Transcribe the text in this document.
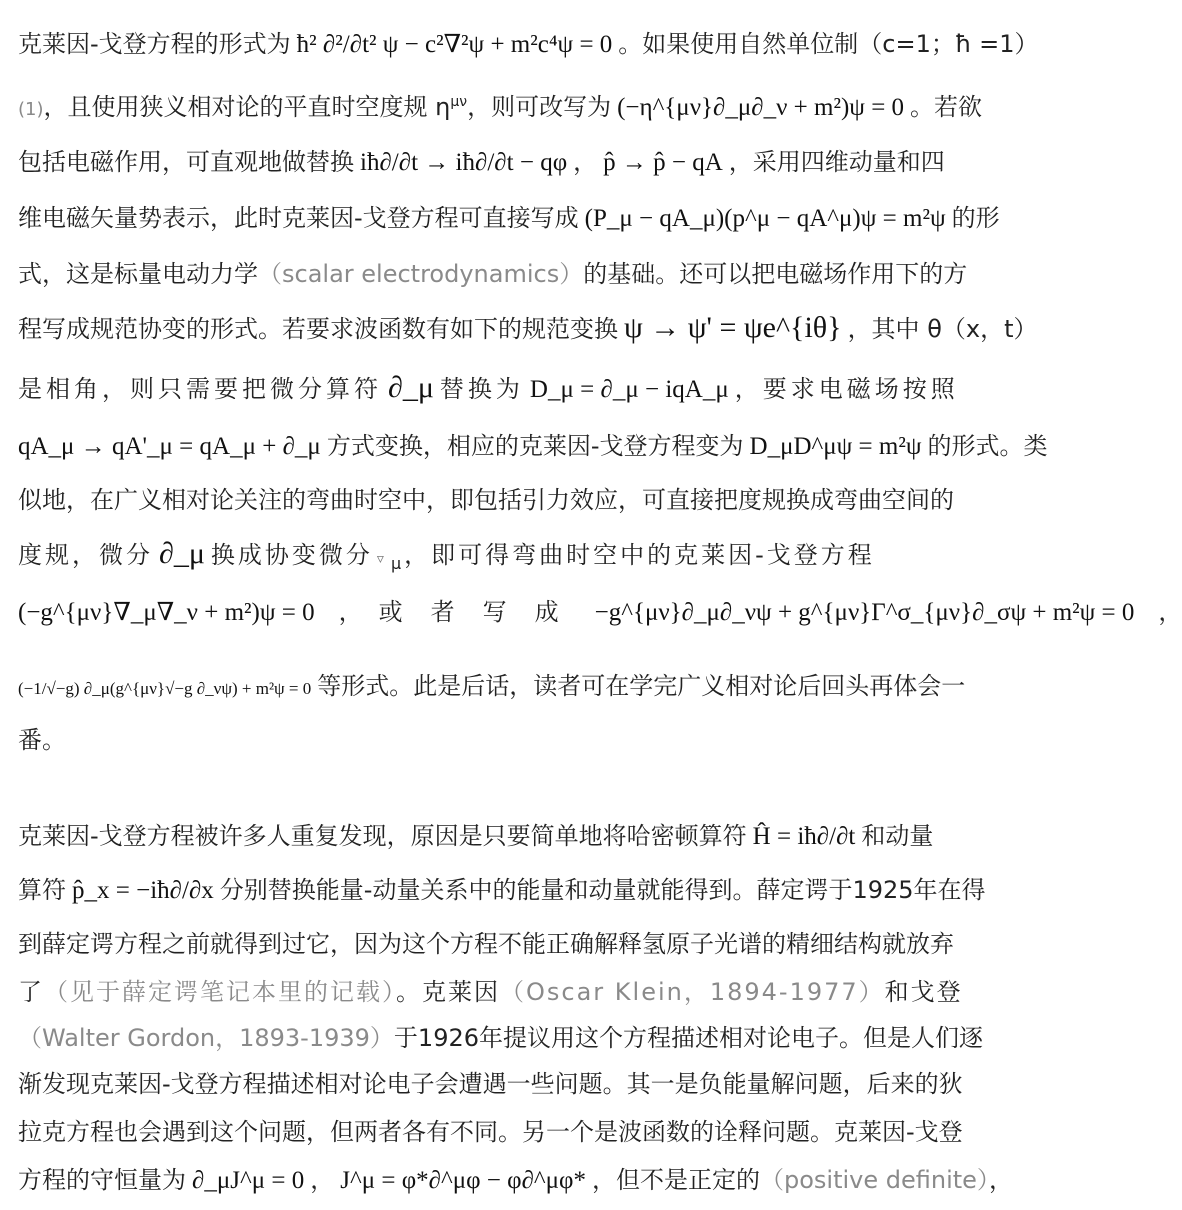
克莱因-戈登方程的形式为 ħ² ∂²/∂t² ψ − c²∇²ψ + m²c⁴ψ = 0 。如果使用自然单位制（c=1；ħ =1）
(1)，且使用狭义相对论的平直时空度规 $\eta^{\mu\nu}$，则可改写为 (−η^{μν}∂_μ∂_ν + m²)ψ = 0 。若欲
包括电磁作用，可直观地做替换 iħ∂/∂t → iħ∂/∂t − qφ ， p̂ → p̂ − qA ，采用四维动量和四
维电磁矢量势表示，此时克莱因-戈登方程可直接写成 (P_μ − qA_μ)(p^μ − qA^μ)ψ = m²ψ 的形
式，这是标量电动力学（scalar electrodynamics）的基础。还可以把电磁场作用下的方
程写成规范协变的形式。若要求波函数有如下的规范变换 ψ → ψ' = ψe^{iθ} ，其中 θ（x，t）
是相角，则只需要把微分算符 ∂_μ 替换为 D_μ = ∂_μ − iqA_μ ，要求电磁场按照
qA_μ → qA'_μ = qA_μ + ∂_μ 方式变换，相应的克莱因-戈登方程变为 D_μD^μψ = m²ψ 的形式。类
似地，在广义相对论关注的弯曲时空中，即包括引力效应，可直接把度规换成弯曲空间的
度规，微分 ∂_μ 换成协变微分 ▿ $_\mu$，即可得弯曲时空中的克莱因-戈登方程
(−g^{μν}∇_μ∇_ν + m²)ψ = 0 ，　或　者　写　成 −g^{μν}∂_μ∂_νψ + g^{μν}Γ^σ_{μν}∂_σψ + m²ψ = 0 ，
(−1/√−g) ∂_μ(g^{μν}√−g ∂_νψ) + m²ψ = 0 等形式。此是后话，读者可在学完广义相对论后回头再体会一
番。
克莱因-戈登方程被许多人重复发现，原因是只要简单地将哈密顿算符 Ĥ = iħ∂/∂t 和动量
算符 p̂_x = −iħ∂/∂x 分别替换能量-动量关系中的能量和动量就能得到。薛定谔于1925年在得
到薛定谔方程之前就得到过它，因为这个方程不能正确解释氢原子光谱的精细结构就放弃
了（见于薛定谔笔记本里的记载）。克莱因（Oscar Klein，1894-1977）和戈登
（Walter Gordon，1893-1939）于1926年提议用这个方程描述相对论电子。但是人们逐
渐发现克莱因-戈登方程描述相对论电子会遭遇一些问题。其一是负能量解问题，后来的狄
拉克方程也会遇到这个问题，但两者各有不同。另一个是波函数的诠释问题。克莱因-戈登
方程的守恒量为 ∂_μJ^μ = 0 ， J^μ = φ*∂^μφ − φ∂^μφ* ，但不是正定的（positive definite），
